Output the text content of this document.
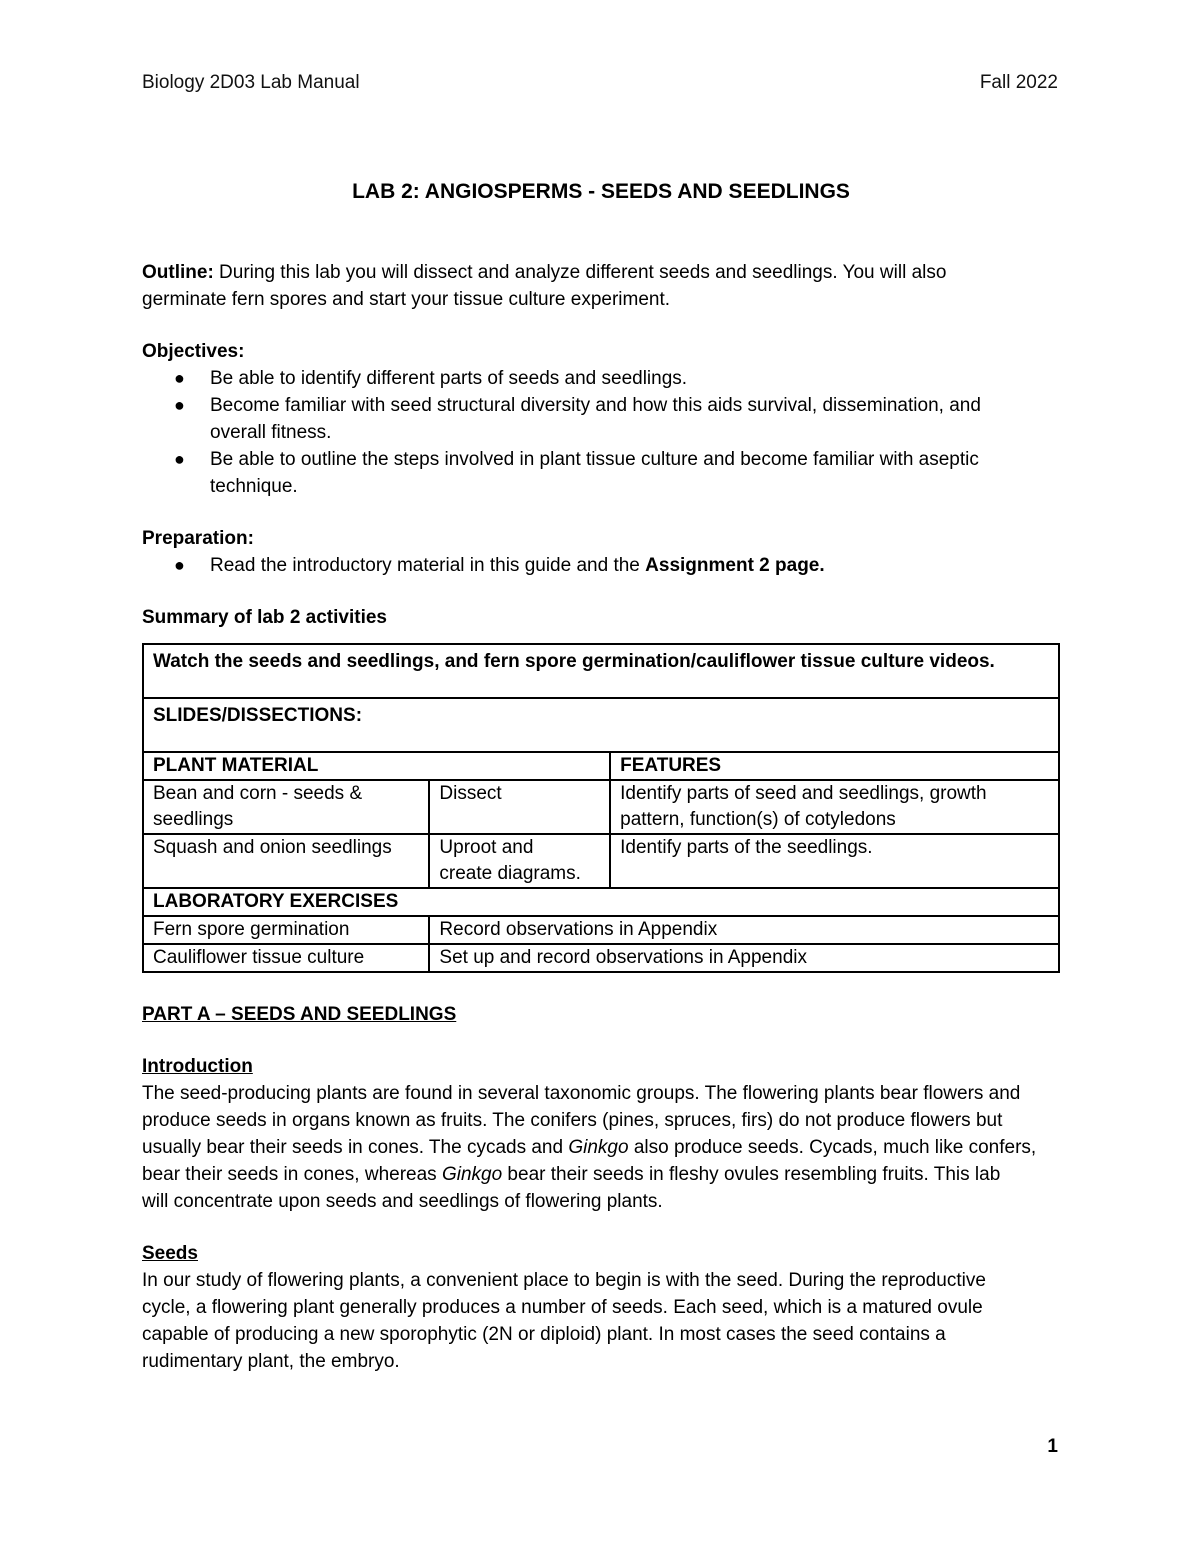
Biology 2D03 Lab Manual	Fall 2022
LAB 2: ANGIOSPERMS - SEEDS AND SEEDLINGS

Outline: During this lab you will dissect and analyze different seeds and seedlings. You will also

germinate fern spores and start your tissue culture experiment.

Objectives:

● Be able to identify different parts of seeds and seedlings.
● Become familiar with seed structural diversity and how this aids survival, dissemination, and
overall fitness.
● Be able to outline the steps involved in plant tissue culture and become familiar with aseptic
technique.

Preparation:

● Read the introductory material in this guide and the Assignment 2 page.

Summary of lab 2 activities

Watch the seeds and seedlings, and fern spore germination/cauliflower tissue culture videos.		
SLIDES/DISSECTIONS:		
PLANT MATERIAL		FEATURES
Bean and corn - seeds &
seedlings	Dissect	Identify parts of seed and seedlings, growth
pattern, function(s) of cotyledons
Squash and onion seedlings	Uproot and
create diagrams.	Identify parts of the seedlings.
LABORATORY EXERCISES		
Fern spore germination	Record observations in Appendix	
Cauliflower tissue culture	Set up and record observations in Appendix	

PART A – SEEDS AND SEEDLINGS

Introduction

The seed-producing plants are found in several taxonomic groups. The flowering plants bear flowers and

produce seeds in organs known as fruits. The conifers (pines, spruces, firs) do not produce flowers but

usually bear their seeds in cones. The cycads and Ginkgo also produce seeds. Cycads, much like confers,

bear their seeds in cones, whereas Ginkgo bear their seeds in fleshy ovules resembling fruits. This lab

will concentrate upon seeds and seedlings of flowering plants.

Seeds

In our study of flowering plants, a convenient place to begin is with the seed. During the reproductive

cycle, a flowering plant generally produces a number of seeds. Each seed, which is a matured ovule

capable of producing a new sporophytic (2N or diploid) plant. In most cases the seed contains a

rudimentary plant, the embryo.

1
